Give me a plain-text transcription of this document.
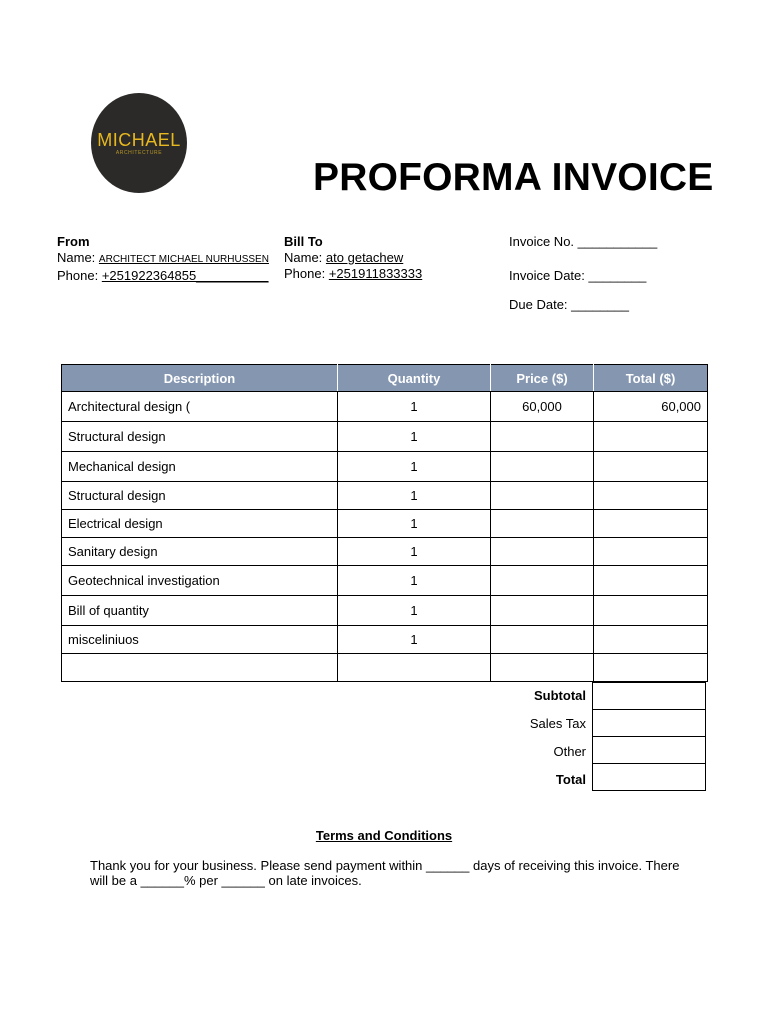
MICHAEL
ARCHITECTURE
PROFORMA INVOICE
From
Name: ARCHITECT MICHAEL NURHUSSEN
Phone: +251922364855__________
Bill To
Name: ato getachew
Phone: +251911833333
Invoice No. ___________
Invoice Date: ________
Due Date: ________
Description	Quantity	Price ($)	Total ($)
Architectural design (	1	60,000	60,000
Structural design	1		
Mechanical design	1		
Structural design	1		
Electrical design	1		
Sanitary design	1		
Geotechnical investigation	1		
Bill of quantity	1		
misceliniuos	1		

Subtotal
Sales Tax
Other
Total

Terms and Conditions
Thank you for your business. Please send payment within ______ days of receiving this invoice. There
will be a ______% per ______ on late invoices.
